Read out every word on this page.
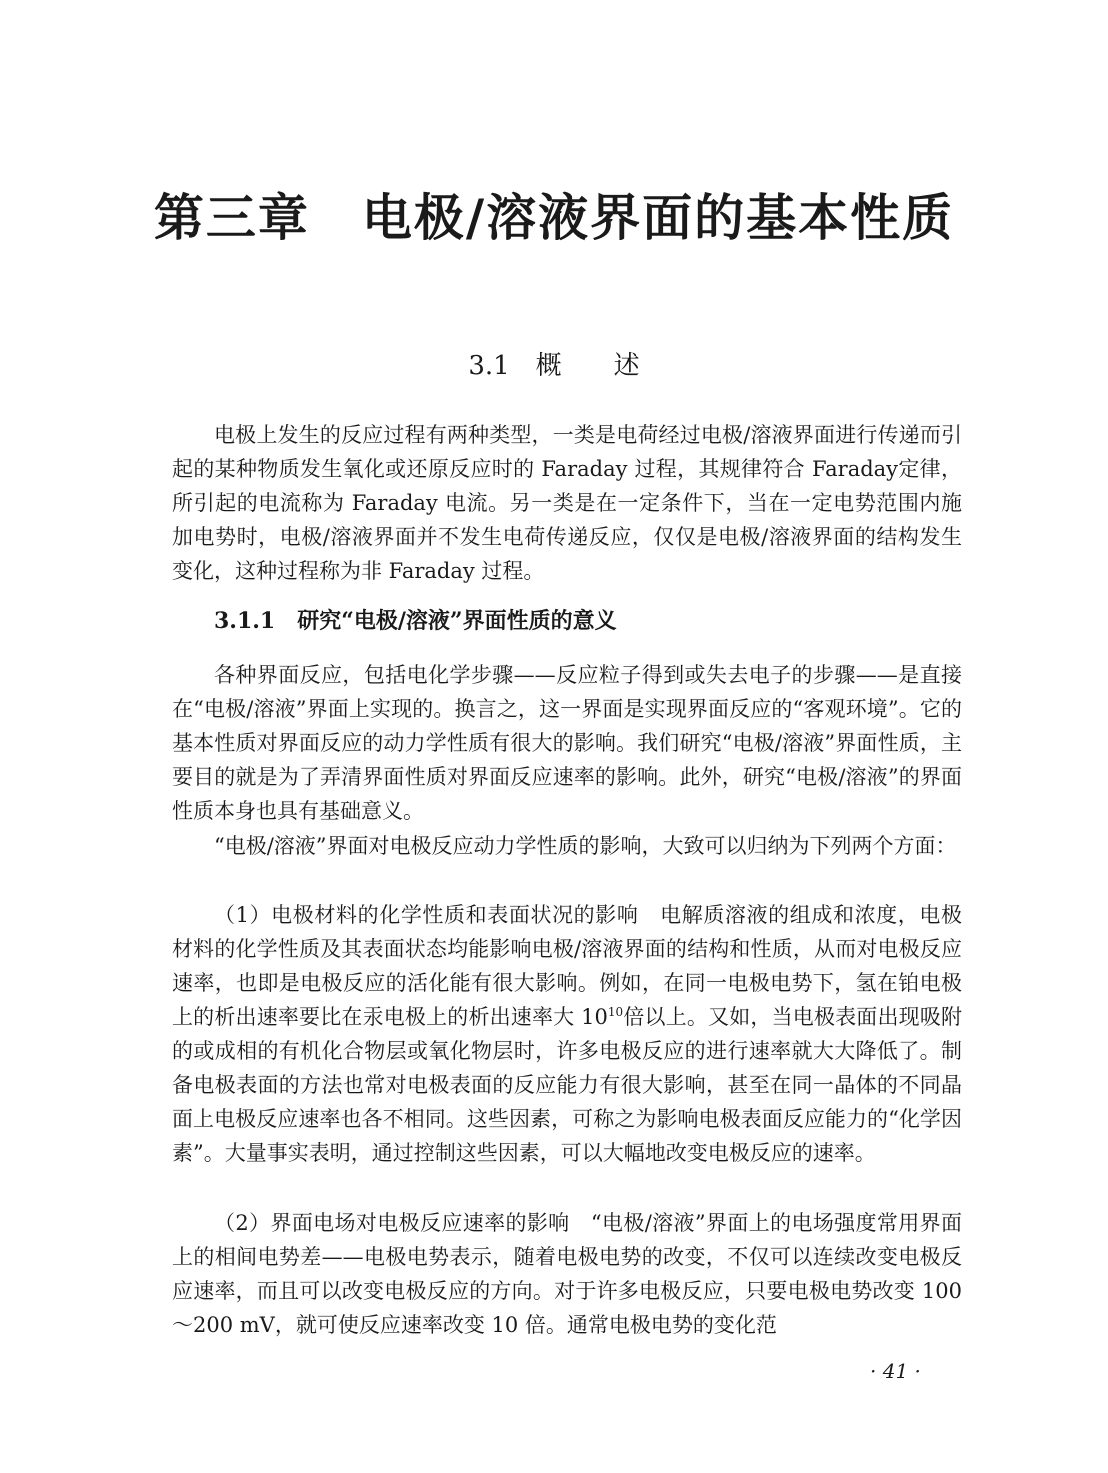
第三章　电极/溶液界面的基本性质
3.1　概　　述

电极上发生的反应过程有两种类型，一类是电荷经过电极/溶液界面进行传递而引起的某种物质发生氧化或还原反应时的 Faraday 过程，其规律符合 Faraday定律，所引起的电流称为 Faraday 电流。另一类是在一定条件下，当在一定电势范围内施加电势时，电极/溶液界面并不发生电荷传递反应，仅仅是电极/溶液界面的结构发生变化，这种过程称为非 Faraday 过程。

3.1.1　研究“电极/溶液”界面性质的意义

各种界面反应，包括电化学步骤——反应粒子得到或失去电子的步骤——是直接在“电极/溶液”界面上实现的。换言之，这一界面是实现界面反应的“客观环境”。它的基本性质对界面反应的动力学性质有很大的影响。我们研究“电极/溶液”界面性质，主要目的就是为了弄清界面性质对界面反应速率的影响。此外，研究“电极/溶液”的界面性质本身也具有基础意义。

“电极/溶液”界面对电极反应动力学性质的影响，大致可以归纳为下列两个方面：

（1）电极材料的化学性质和表面状况的影响　电解质溶液的组成和浓度，电极材料的化学性质及其表面状态均能影响电极/溶液界面的结构和性质，从而对电极反应速率，也即是电极反应的活化能有很大影响。例如，在同一电极电势下，氢在铂电极上的析出速率要比在汞电极上的析出速率大 $10^{10}$倍以上。又如，当电极表面出现吸附的或成相的有机化合物层或氧化物层时，许多电极反应的进行速率就大大降低了。制备电极表面的方法也常对电极表面的反应能力有很大影响，甚至在同一晶体的不同晶面上电极反应速率也各不相同。这些因素，可称之为影响电极表面反应能力的“化学因素”。大量事实表明，通过控制这些因素，可以大幅地改变电极反应的速率。

（2）界面电场对电极反应速率的影响　“电极/溶液”界面上的电场强度常用界面上的相间电势差——电极电势表示，随着电极电势的改变，不仅可以连续改变电极反应速率，而且可以改变电极反应的方向。对于许多电极反应，只要电极电势改变 100～200 mV，就可使反应速率改变 10 倍。通常电极电势的变化范

· 41 ·
